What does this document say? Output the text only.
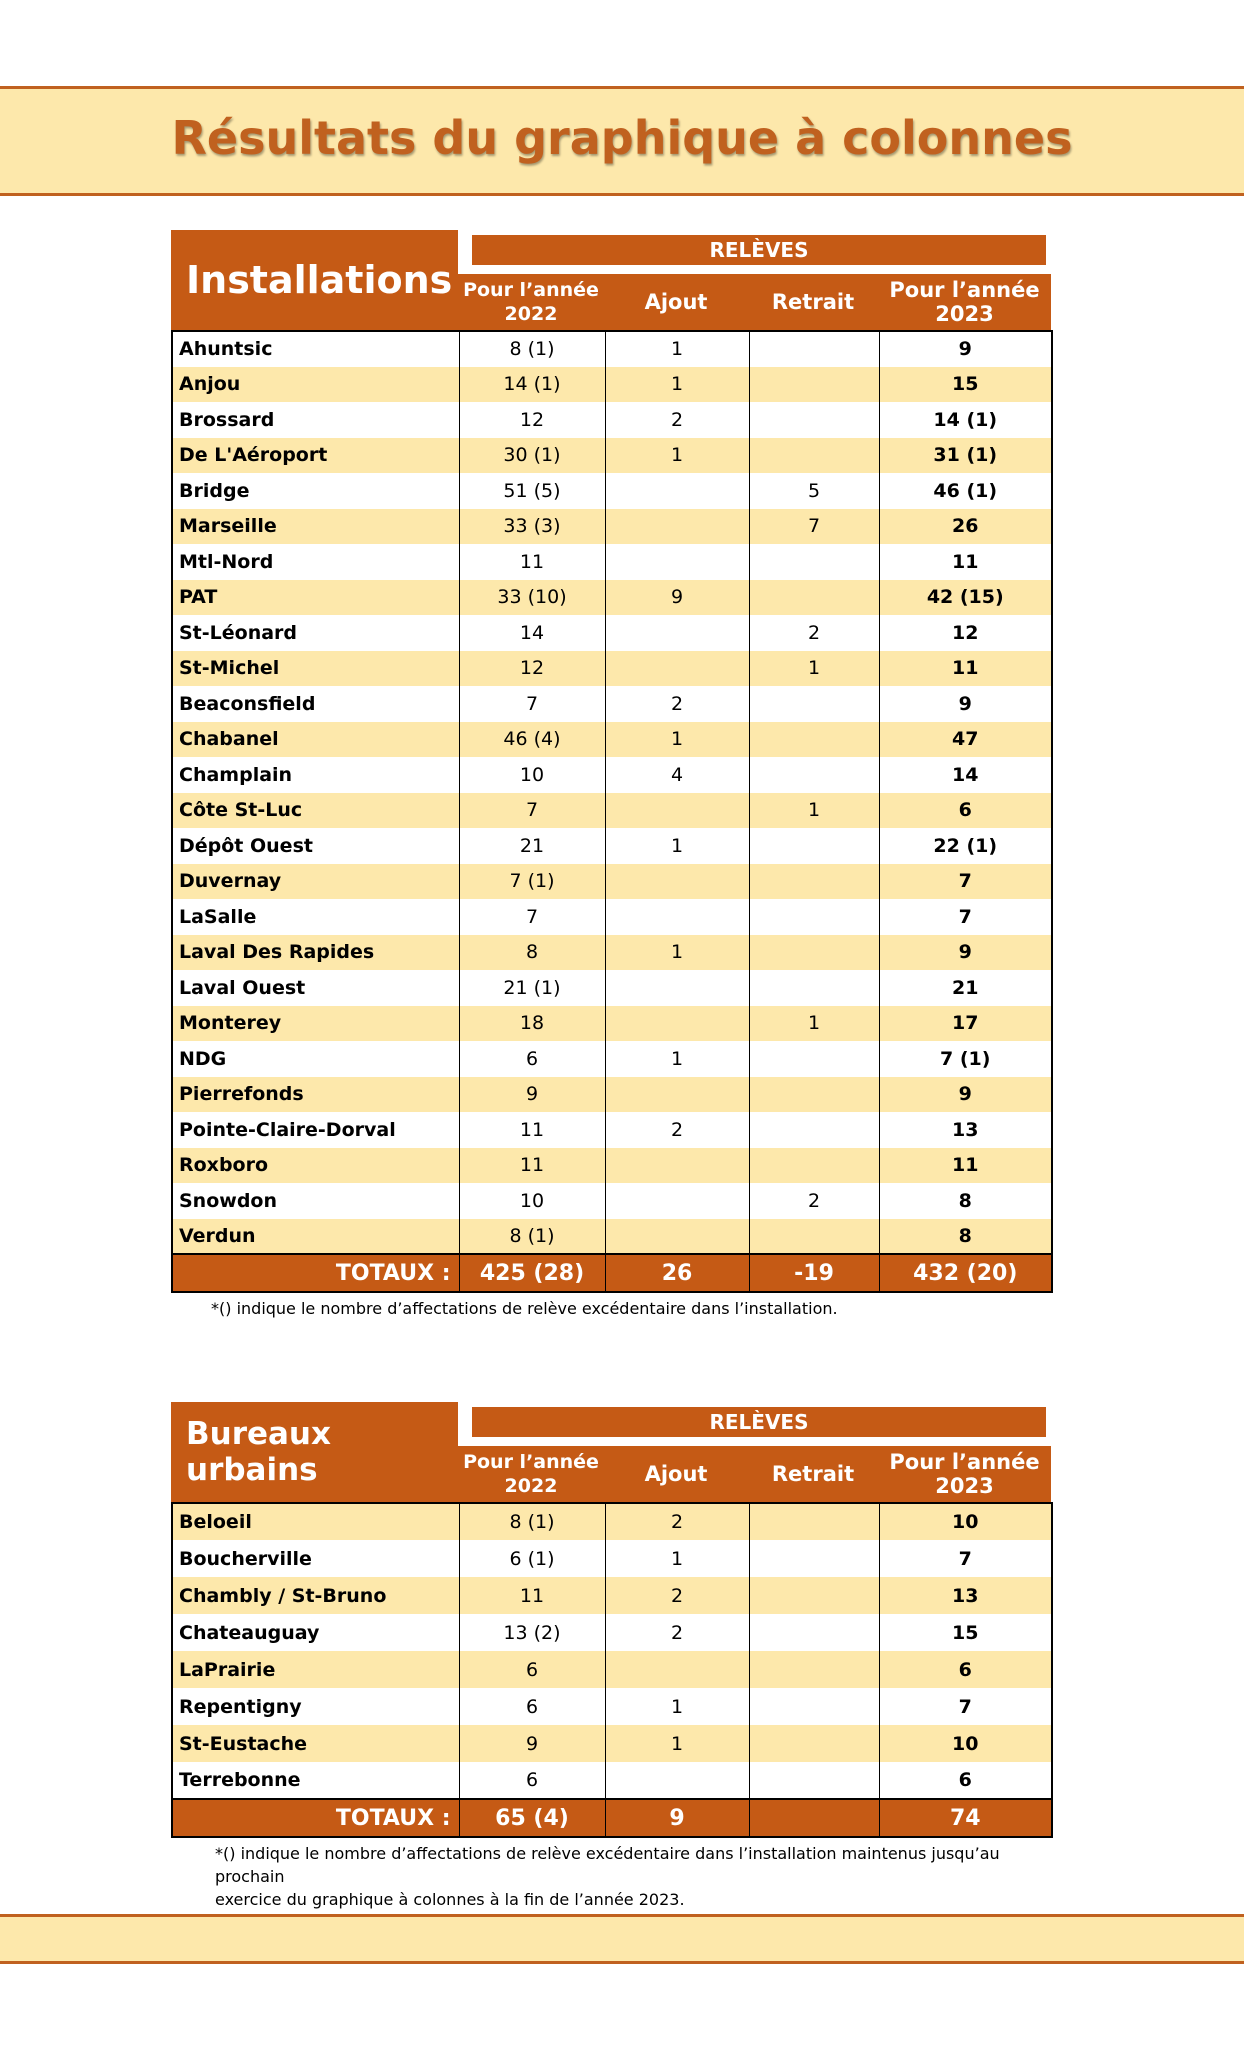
Résultats du graphique à colonnes
Installations
RELÈVES
Pour l’année 2022	Ajout	Retrait	Pour l’année 2023
Ahuntsic	8 (1)	1		9
Anjou	14 (1)	1		15
Brossard	12	2		14 (1)
De L'Aéroport	30 (1)	1		31 (1)
Bridge	51 (5)		5	46 (1)
Marseille	33 (3)		7	26
Mtl-Nord	11			11
PAT	33 (10)	9		42 (15)
St-Léonard	14		2	12
St-Michel	12		1	11
Beaconsfield	7	2		9
Chabanel	46 (4)	1		47
Champlain	10	4		14
Côte St-Luc	7		1	6
Dépôt Ouest	21	1		22 (1)
Duvernay	7 (1)			7
LaSalle	7			7
Laval Des Rapides	8	1		9
Laval Ouest	21 (1)			21
Monterey	18		1	17
NDG	6	1		7 (1)
Pierrefonds	9			9
Pointe-Claire-Dorval	11	2		13
Roxboro	11			11
Snowdon	10		2	8
Verdun	8 (1)			8
TOTAUX :	425 (28)	26	-19	432 (20)
*() indique le nombre d’affectations de relève excédentaire dans l’installation.
Bureaux urbains
RELÈVES
Pour l’année 2022	Ajout	Retrait	Pour l’année 2023
Beloeil	8 (1)	2		10
Boucherville	6 (1)	1		7
Chambly / St-Bruno	11	2		13
Chateauguay	13 (2)	2		15
LaPrairie	6			6
Repentigny	6	1		7
St-Eustache	9	1		10
Terrebonne	6			6
TOTAUX :	65 (4)	9		74
*() indique le nombre d’affectations de relève excédentaire dans l’installation maintenus jusqu’au prochain
exercice du graphique à colonnes à la fin de l’année 2023.
